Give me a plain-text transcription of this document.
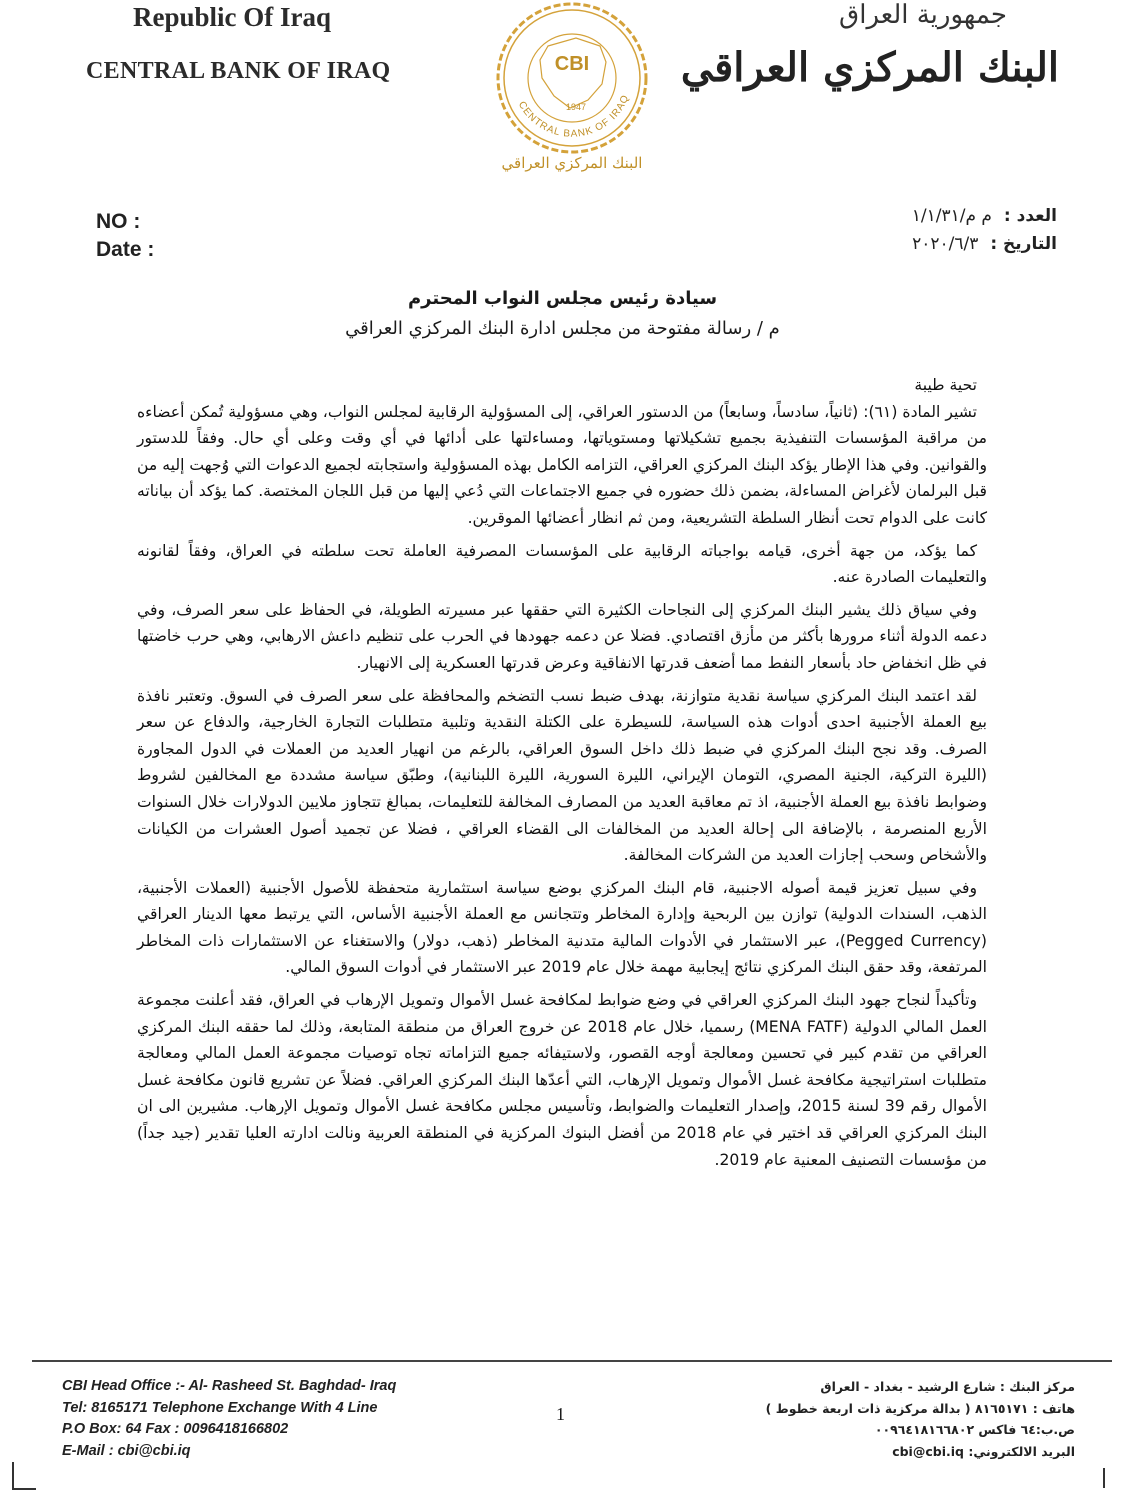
Republic Of Iraq
CENTRAL BANK OF IRAQ
جمهورية العراق
البنك المركزي العراقي
CBI
1947
CENTRAL BANK OF IRAQ
البنك المركزي العراقي
NO :
Date :
العدد :م م/١/١/٣١
التاريخ :٢٠٢٠/٦/٣
سيادة رئيس مجلس النواب المحترم
م / رسالة مفتوحة من مجلس ادارة البنك المركزي العراقي

تحية طيبة

تشير المادة (٦١): (ثانياً، سادساً، وسابعاً) من الدستور العراقي، إلى المسؤولية الرقابية لمجلس النواب، وهي مسؤولية تُمكن أعضاءه من مراقبة المؤسسات التنفيذية بجميع تشكيلاتها ومستوياتها، ومساءلتها على أدائها في أي وقت وعلى أي حال. وفقاً للدستور والقوانين. وفي هذا الإطار يؤكد البنك المركزي العراقي، التزامه الكامل بهذه المسؤولية واستجابته لجميع الدعوات التي وُجهت إليه من قبل البرلمان لأغراض المساءلة، بضمن ذلك حضوره في جميع الاجتماعات التي دُعي إليها من قبل اللجان المختصة. كما يؤكد أن بياناته كانت على الدوام تحت أنظار السلطة التشريعية، ومن ثم انظار أعضائها الموقرين.

كما يؤكد، من جهة أخرى، قيامه بواجباته الرقابية على المؤسسات المصرفية العاملة تحت سلطته في العراق، وفقاً لقانونه والتعليمات الصادرة عنه.

وفي سياق ذلك يشير البنك المركزي إلى النجاحات الكثيرة التي حققها عبر مسيرته الطويلة، في الحفاظ على سعر الصرف، وفي دعمه الدولة أثناء مرورها بأكثر من مأزق اقتصادي. فضلا عن دعمه جهودها في الحرب على تنظيم داعش الارهابي، وهي حرب خاضتها في ظل انخفاض حاد بأسعار النفط مما أضعف قدرتها الانفاقية وعرض قدرتها العسكرية إلى الانهيار.

لقد اعتمد البنك المركزي سياسة نقدية متوازنة، بهدف ضبط نسب التضخم والمحافظة على سعر الصرف في السوق. وتعتبر نافذة بيع العملة الأجنبية احدى أدوات هذه السياسة، للسيطرة على الكتلة النقدية وتلبية متطلبات التجارة الخارجية، والدفاع عن سعر الصرف. وقد نجح البنك المركزي في ضبط ذلك داخل السوق العراقي، بالرغم من انهيار العديد من العملات في الدول المجاورة (الليرة التركية، الجنية المصري، التومان الإيراني، الليرة السورية، الليرة اللبنانية)، وطبّق سياسة مشددة مع المخالفين لشروط وضوابط نافذة بيع العملة الأجنبية، اذ تم معاقبة العديد من المصارف المخالفة للتعليمات، بمبالغ تتجاوز ملايين الدولارات خلال السنوات الأربع المنصرمة ، بالإضافة الى إحالة العديد من المخالفات الى القضاء العراقي ، فضلا عن تجميد أصول العشرات من الكيانات والأشخاص وسحب إجازات العديد من الشركات المخالفة.

وفي سبيل تعزيز قيمة أصوله الاجنبية، قام البنك المركزي بوضع سياسة استثمارية متحفظة للأصول الأجنبية (العملات الأجنبية، الذهب، السندات الدولية) توازن بين الربحية وإدارة المخاطر وتتجانس مع العملة الأجنبية الأساس، التي يرتبط معها الدينار العراقي (Pegged Currency)، عبر الاستثمار في الأدوات المالية متدنية المخاطر (ذهب، دولار) والاستغناء عن الاستثمارات ذات المخاطر المرتفعة، وقد حقق البنك المركزي نتائج إيجابية مهمة خلال عام 2019 عبر الاستثمار في أدوات السوق المالي.

وتأكيداً لنجاح جهود البنك المركزي العراقي في وضع ضوابط لمكافحة غسل الأموال وتمويل الإرهاب في العراق، فقد أعلنت مجموعة العمل المالي الدولية (MENA FATF) رسميا، خلال عام 2018 عن خروج العراق من منطقة المتابعة، وذلك لما حققه البنك المركزي العراقي من تقدم كبير في تحسين ومعالجة أوجه القصور، ولاستيفائه جميع التزاماته تجاه توصيات مجموعة العمل المالي ومعالجة متطلبات استراتيجية مكافحة غسل الأموال وتمويل الإرهاب، التي أعدّها البنك المركزي العراقي. فضلاً عن تشريع قانون مكافحة غسل الأموال رقم 39 لسنة 2015، وإصدار التعليمات والضوابط، وتأسيس مجلس مكافحة غسل الأموال وتمويل الإرهاب. مشيرين الى ان البنك المركزي العراقي قد اختير في عام 2018 من أفضل البنوك المركزية في المنطقة العربية ونالت ادارته العليا تقدير (جيد جداً) من مؤسسات التصنيف المعنية عام 2019.

CBI Head Office :- Al- Rasheed St. Baghdad- Iraq
Tel: 8165171 Telephone Exchange With 4 Line
P.O Box: 64 Fax : 0096418166802
E-Mail : cbi@cbi.iq
1
مركز البنك : شارع الرشيد - بغداد - العراق
هاتف : ٨١٦٥١٧١ ( بدالة مركزية ذات اربعة خطوط )
ص.ب:٦٤ فاكس ٠٠٩٦٤١٨١٦٦٨٠٢
البريد الالكتروني: cbi@cbi.iq
